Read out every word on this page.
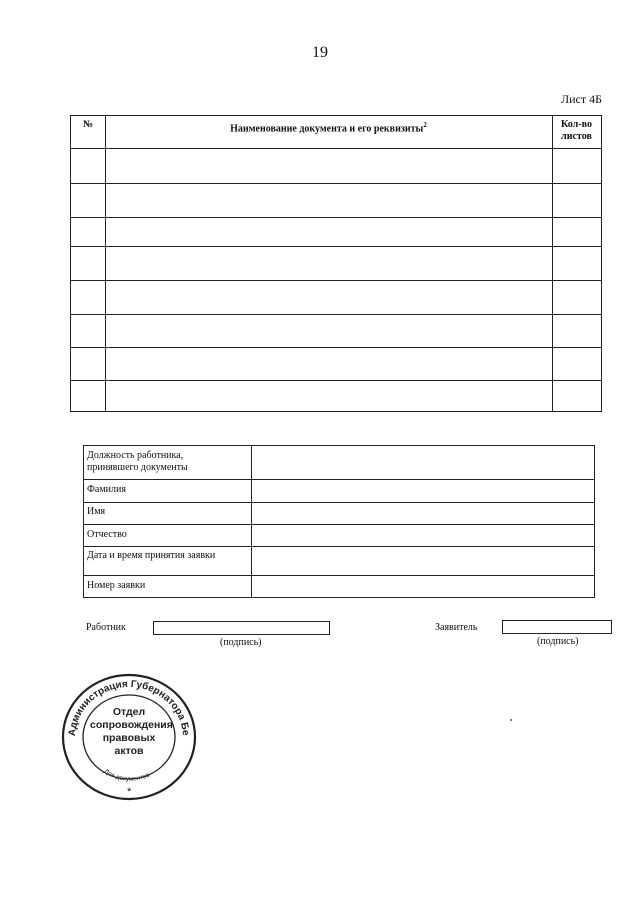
19
Лист 4Б
№	Наименование документа и его реквизиты$^2$	Кол-во
листов
Должность работника,
принявшего документы
Фамилия
Имя
Отчество
Дата и время принятия заявки
Номер заявки
Работник
(подпись)
Заявитель
(подпись)
Администрация Губернатора Бе
Для документов
*
Отдел
сопровождения
правовых
актов
